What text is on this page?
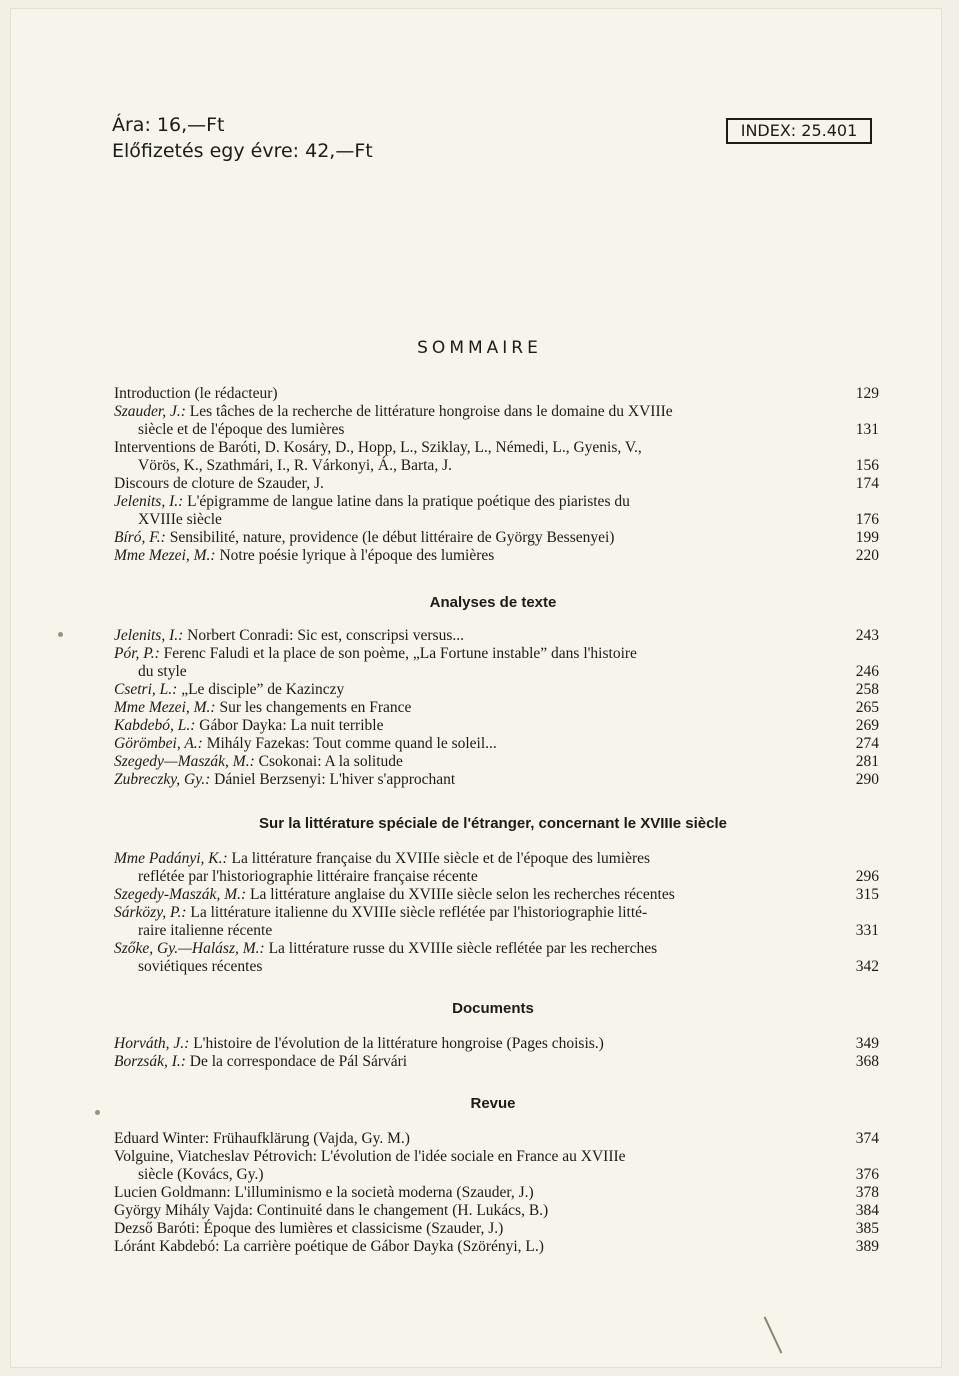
Ára: 16,—Ft
Előfizetés egy évre: 42,—Ft
INDEX: 25.401
SOMMAIRE
Introduction (le rédacteur)	129
Szauder, J.: Les tâches de la recherche de littérature hongroise dans le domaine du XVIIIe
siècle et de l'époque des lumières	131
Interventions de Baróti, D. Kosáry, D., Hopp, L., Sziklay, L., Némedi, L., Gyenis, V.,
Vörös, K., Szathmári, I., R. Várkonyi, Á., Barta, J.	156
Discours de cloture de Szauder, J.	174
Jelenits, I.: L'épigramme de langue latine dans la pratique poétique des piaristes du
XVIIIe siècle	176
Bíró, F.: Sensibilité, nature, providence (le début littéraire de György Bessenyei)	199
Mme Mezei, M.: Notre poésie lyrique à l'époque des lumières	220
Analyses de texte
Jelenits, I.: Norbert Conradi: Sic est, conscripsi versus...	243
Pór, P.: Ferenc Faludi et la place de son poème, „La Fortune instable” dans l'histoire
du style	246
Csetri, L.: „Le disciple” de Kazinczy	258
Mme Mezei, M.: Sur les changements en France	265
Kabdebó, L.: Gábor Dayka: La nuit terrible	269
Görömbei, A.: Mihály Fazekas: Tout comme quand le soleil...	274
Szegedy—Maszák, M.: Csokonai: A la solitude	281
Zubreczky, Gy.: Dániel Berzsenyi: L'hiver s'approchant	290
Sur la littérature spéciale de l'étranger, concernant le XVIIIe siècle
Mme Padányi, K.: La littérature française du XVIIIe siècle et de l'époque des lumières
reflétée par l'historiographie littéraire française récente	296
Szegedy-Maszák, M.: La littérature anglaise du XVIIIe siècle selon les recherches récentes	315
Sárközy, P.: La littérature italienne du XVIIIe siècle reflétée par l'historiographie litté-
raire italienne récente	331
Szőke, Gy.—Halász, M.: La littérature russe du XVIIIe siècle reflétée par les recherches
soviétiques récentes	342
Documents
Horváth, J.: L'histoire de l'évolution de la littérature hongroise (Pages choisis.)	349
Borzsák, I.: De la correspondace de Pál Sárvári	368
Revue
Eduard Winter: Frühaufklärung (Vajda, Gy. M.)	374
Volguine, Viatcheslav Pétrovich: L'évolution de l'idée sociale en France au XVIIIe
siècle (Kovács, Gy.)	376
Lucien Goldmann: L'illuminismo e la società moderna (Szauder, J.)	378
György Mihály Vajda: Continuité dans le changement (H. Lukács, B.)	384
Dezső Baróti: Époque des lumières et classicisme (Szauder, J.)	385
Lóránt Kabdebó: La carrière poétique de Gábor Dayka (Szörényi, L.)	389
